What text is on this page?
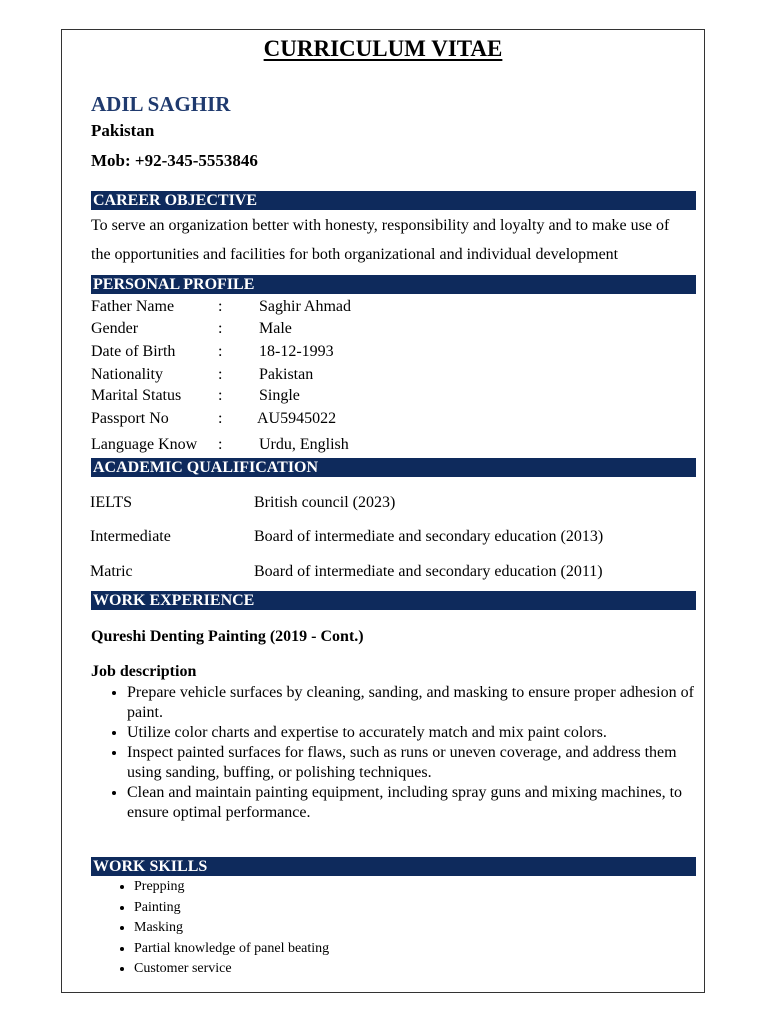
CURRICULUM VITAE
ADIL SAGHIR
Pakistan
Mob: +92-345-5553846
CAREER OBJECTIVE
To serve an organization better with honesty, responsibility and loyalty and to make use of
the opportunities and facilities for both organizational and individual development
PERSONAL PROFILE
Father Name	: Saghir Ahmad
Gender	: Male
Date of Birth	: 18-12-1993
Nationality	: Pakistan
Marital Status : Single
Passport No	: AU5945022
Language Know : Urdu, English
ACADEMIC QUALIFICATION
IELTS	British council (2023)
Intermediate	Board of intermediate and secondary education (2013)
Matric	Board of intermediate and secondary education (2011)
WORK EXPERIENCE
Qureshi Denting Painting (2019 - Cont.)
Job description
• Prepare vehicle surfaces by cleaning, sanding, and masking to ensure proper adhesion of paint.
• Utilize color charts and expertise to accurately match and mix paint colors.
• Inspect painted surfaces for flaws, such as runs or uneven coverage, and address them using sanding, buffing, or polishing techniques.
• Clean and maintain painting equipment, including spray guns and mixing machines, to ensure optimal performance.
WORK SKILLS
• Prepping
• Painting
• Masking
• Partial knowledge of panel beating
• Customer service
